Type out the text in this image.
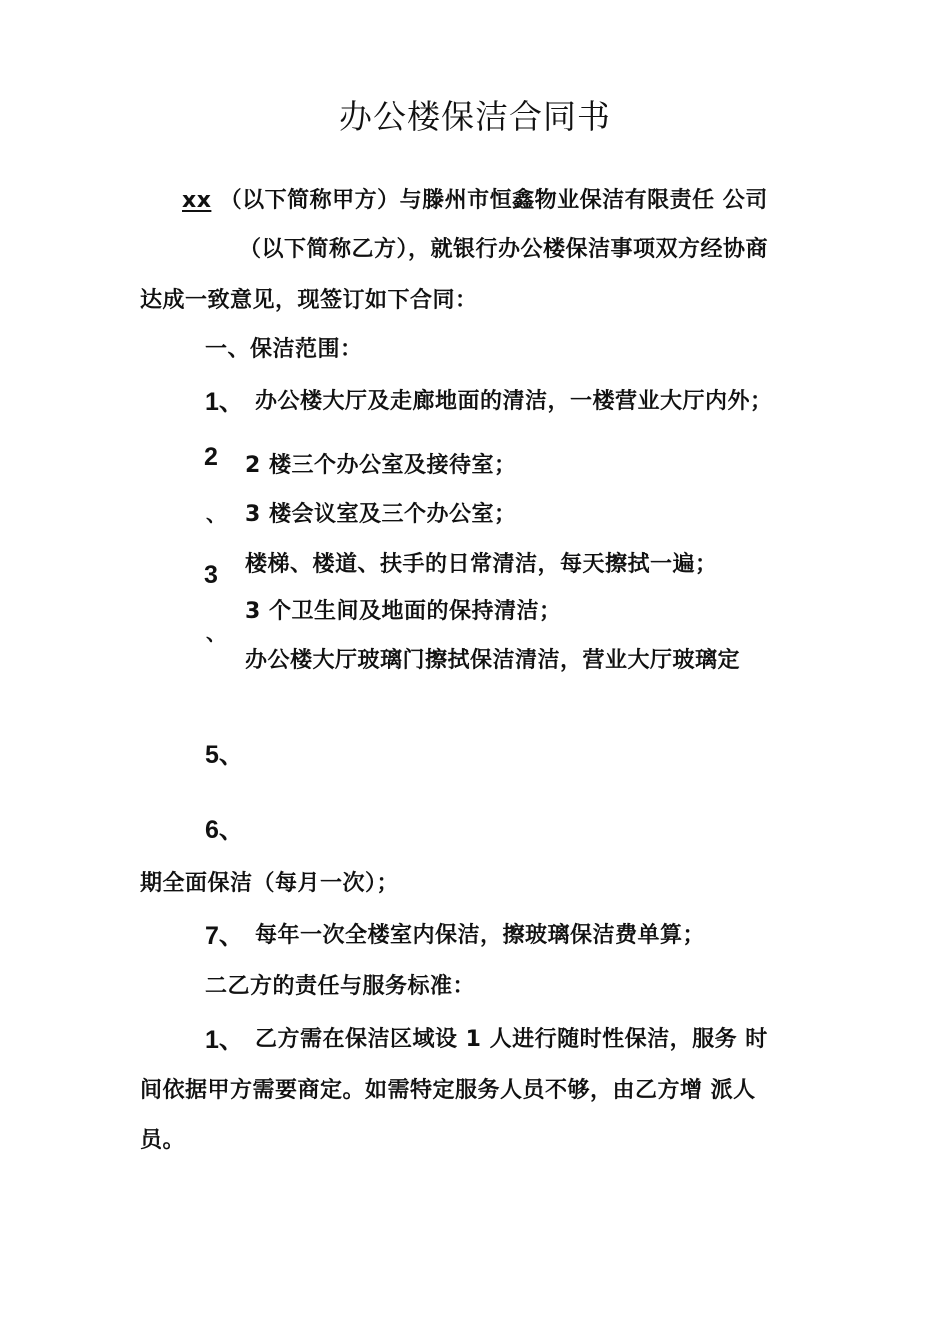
办公楼保洁合同书
xx （以下简称甲方）与滕州市恒鑫物业保洁有限责任 公司
（以下简称乙方），就银行办公楼保洁事项双方经协商
达成一致意见，现签订如下合同：
一、保洁范围：
1、 办公楼大厅及走廊地面的清洁，一楼营业大厅内外；
2
、
3
、
2 楼三个办公室及接待室；
3 楼会议室及三个办公室；
楼梯、楼道、扶手的日常清洁，每天擦拭一遍；
3 个卫生间及地面的保持清洁；
办公楼大厅玻璃门擦拭保洁清洁，营业大厅玻璃定
5、
6、
期全面保洁（每月一次）；
7、 每年一次全楼室内保洁，擦玻璃保洁费单算；
二乙方的责任与服务标准：
1、 乙方需在保洁区域设 1 人进行随时性保洁，服务 时
间依据甲方需要商定。如需特定服务人员不够，由乙方增 派人
员。
